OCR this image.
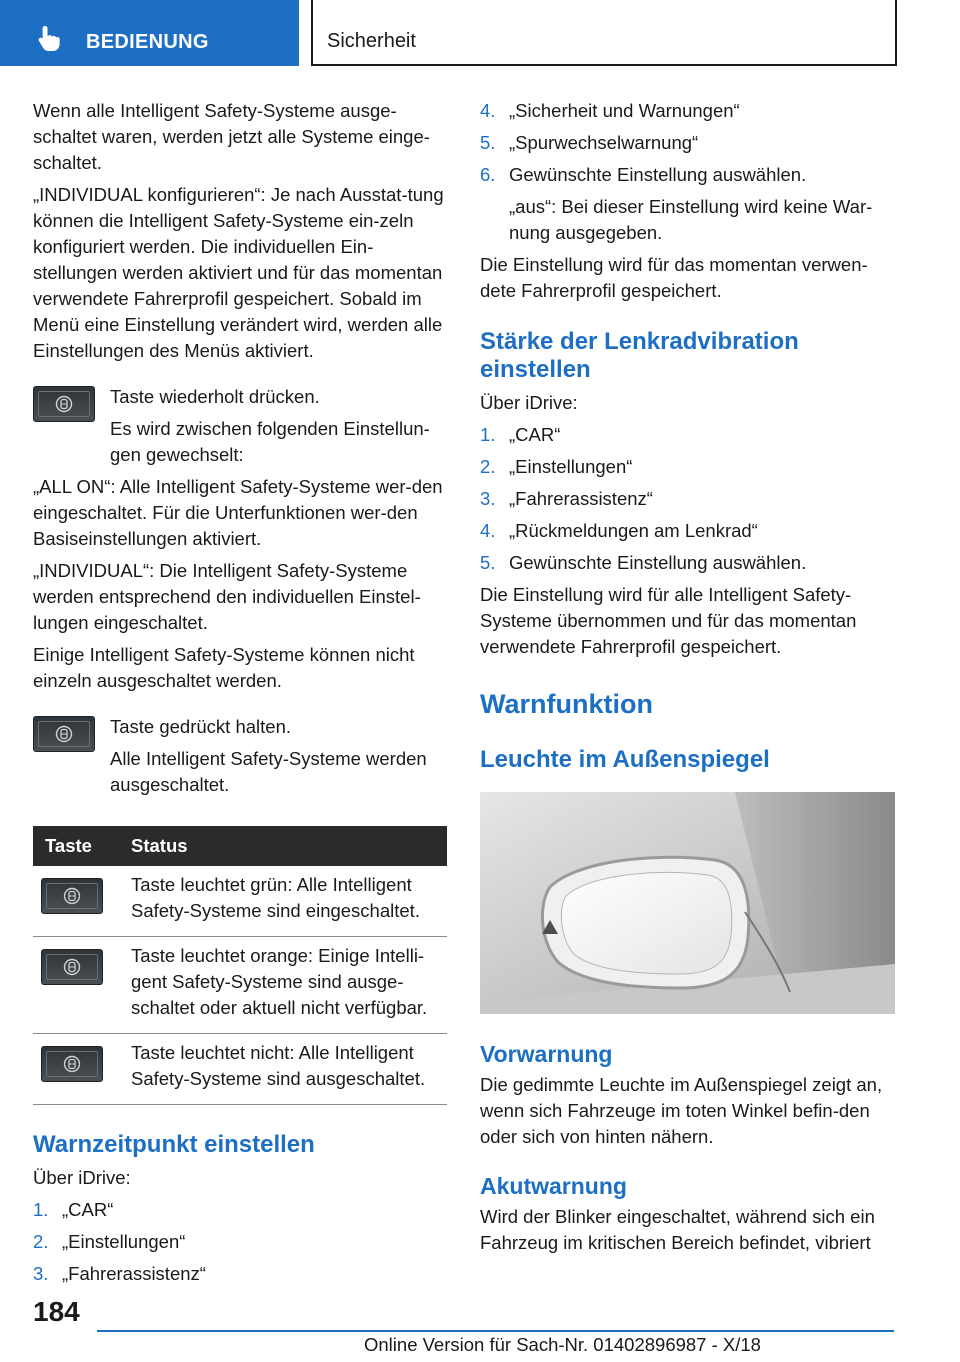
BEDIENUNG	Sicherheit

Wenn alle Intelligent Safety-Systeme ausge-schaltet waren, werden jetzt alle Systeme einge-schaltet.

„INDIVIDUAL konfigurieren“: Je nach Ausstat-tung können die Intelligent Safety-Systeme ein-zeln konfiguriert werden. Die individuellen Ein-stellungen werden aktiviert und für das momentan verwendete Fahrerprofil gespeichert. Sobald im Menü eine Einstellung verändert wird, werden alle Einstellungen des Menüs aktiviert.

Taste wiederholt drücken.

Es wird zwischen folgenden Einstellun-gen gewechselt:

„ALL ON“: Alle Intelligent Safety-Systeme wer-den eingeschaltet. Für die Unterfunktionen wer-den Basiseinstellungen aktiviert.

„INDIVIDUAL“: Die Intelligent Safety-Systeme werden entsprechend den individuellen Einstel-lungen eingeschaltet.

Einige Intelligent Safety-Systeme können nicht einzeln ausgeschaltet werden.

Taste gedrückt halten.

Alle Intelligent Safety-Systeme werden ausgeschaltet.

Taste	Status

	Taste leuchtet grün: Alle Intelligent Safety-Systeme sind eingeschaltet.

	Taste leuchtet orange: Einige Intelli-gent Safety-Systeme sind ausge-schaltet oder aktuell nicht verfügbar.

	Taste leuchtet nicht: Alle Intelligent Safety-Systeme sind ausgeschaltet.
Warnzeitpunkt einstellen

Über iDrive:

1. „CAR“
2. „Einstellungen“
3. „Fahrerassistenz“
4. „Sicherheit und Warnungen“
5. „Spurwechselwarnung“
6. Gewünschte Einstellung auswählen.

„aus“: Bei dieser Einstellung wird keine War-nung ausgegeben.

Die Einstellung wird für das momentan verwen-dete Fahrerprofil gespeichert.

Stärke der Lenkradvibration einstellen

Über iDrive:

1. „CAR“
2. „Einstellungen“
3. „Fahrerassistenz“
4. „Rückmeldungen am Lenkrad“
5. Gewünschte Einstellung auswählen.

Die Einstellung wird für alle Intelligent Safety-Systeme übernommen und für das momentan verwendete Fahrerprofil gespeichert.

Warnfunktion
Leuchte im Außenspiegel
Vorwarnung

Die gedimmte Leuchte im Außenspiegel zeigt an, wenn sich Fahrzeuge im toten Winkel befin-den oder sich von hinten nähern.

Akutwarnung

Wird der Blinker eingeschaltet, während sich ein Fahrzeug im kritischen Bereich befindet, vibriert

184
Online Version für Sach-Nr. 01402896987 - X/18
